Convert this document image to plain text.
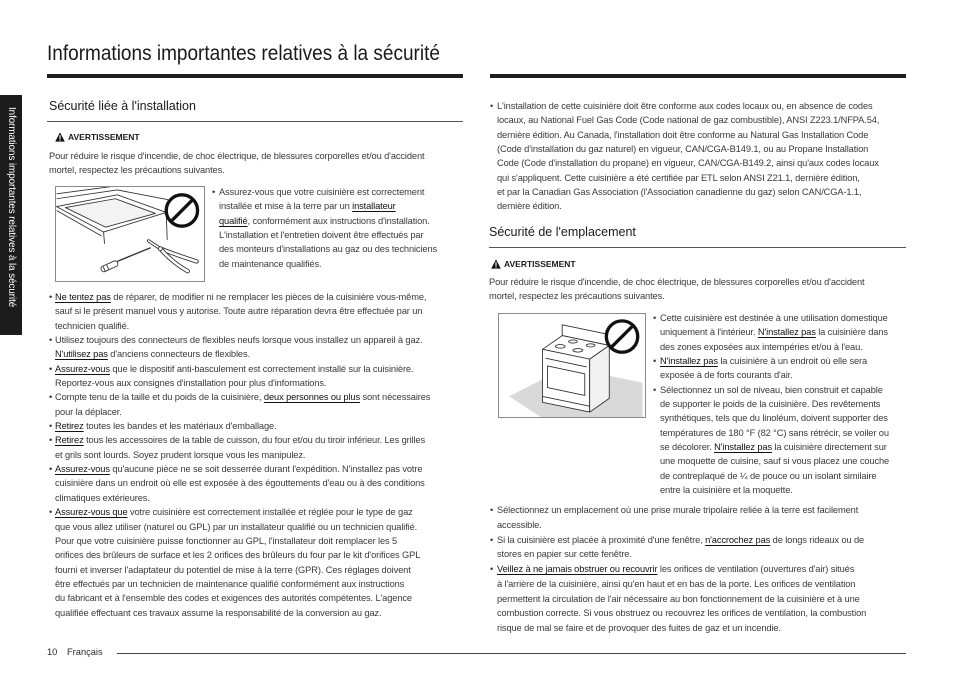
Informations importantes relatives à la sécurité
Informations importantes relatives à la sécurité
Sécurité liée à l'installation
AVERTISSEMENT
Pour réduire le risque d'incendie, de choc électrique, de blessures corporelles et/ou d'accident
mortel, respectez les précautions suivantes.
• Assurez-vous que votre cuisinière est correctement
installée et mise à la terre par un installateur
qualifié, conformément aux instructions d'installation.
L'installation et l'entretien doivent être effectués par
des monteurs d'installations au gaz ou des techniciens
de maintenance qualifiés.
• Ne tentez pas de réparer, de modifier ni ne remplacer les pièces de la cuisinière vous-même,
sauf si le présent manuel vous y autorise. Toute autre réparation devra être effectuée par un
technicien qualifié.
• Utilisez toujours des connecteurs de flexibles neufs lorsque vous installez un appareil à gaz.
N'utilisez pas d'anciens connecteurs de flexibles.
• Assurez-vous que le dispositif anti-basculement est correctement installé sur la cuisinière.
Reportez-vous aux consignes d'installation pour plus d'informations.
• Compte tenu de la taille et du poids de la cuisinière, deux personnes ou plus sont nécessaires
pour la déplacer.
• Retirez toutes les bandes et les matériaux d'emballage.
• Retirez tous les accessoires de la table de cuisson, du four et/ou du tiroir inférieur. Les grilles
et grils sont lourds. Soyez prudent lorsque vous les manipulez.
• Assurez-vous qu'aucune pièce ne se soit desserrée durant l'expédition. N'installez pas votre
cuisinière dans un endroit où elle est exposée à des égouttements d'eau ou à des conditions
climatiques extérieures.
• Assurez-vous que votre cuisinière est correctement installée et réglée pour le type de gaz
que vous allez utiliser (naturel ou GPL) par un installateur qualifié ou un technicien qualifié.
Pour que votre cuisinière puisse fonctionner au GPL, l'installateur doit remplacer les 5
orifices des brûleurs de surface et les 2 orifices des brûleurs du four par le kit d'orifices GPL
fourni et inverser l'adaptateur du potentiel de mise à la terre (GPR). Ces réglages doivent
être effectués par un technicien de maintenance qualifié conformément aux instructions
du fabricant et à l'ensemble des codes et exigences des autorités compétentes. L'agence
qualifiée effectuant ces travaux assume la responsabilité de la conversion au gaz.
• L'installation de cette cuisinière doit être conforme aux codes locaux ou, en absence de codes
locaux, au National Fuel Gas Code (Code national de gaz combustible), ANSI Z223.1/NFPA.54,
dernière édition. Au Canada, l'installation doit être conforme au Natural Gas Installation Code
(Code d'installation du gaz naturel) en vigueur, CAN/CGA-B149.1, ou au Propane Installation
Code (Code d'installation du propane) en vigueur, CAN/CGA-B149.2, ainsi qu'aux codes locaux
qui s'appliquent. Cette cuisinière a été certifiée par ETL selon ANSI Z21.1, dernière édition,
et par la Canadian Gas Association (l'Association canadienne du gaz) selon CAN/CGA-1.1,
dernière édition.
Sécurité de l'emplacement
AVERTISSEMENT
Pour réduire le risque d'incendie, de choc électrique, de blessures corporelles et/ou d'accident
mortel, respectez les précautions suivantes.
• Cette cuisinière est destinée à une utilisation domestique
uniquement à l'intérieur. N'installez pas la cuisinière dans
des zones exposées aux intempéries et/ou à l'eau.
• N'installez pas la cuisinière à un endroit où elle sera
exposée à de forts courants d'air.
• Sélectionnez un sol de niveau, bien construit et capable
de supporter le poids de la cuisinière. Des revêtements
synthétiques, tels que du linoléum, doivent supporter des
températures de 180 °F (82 °C) sans rétrécir, se voiler ou
se décolorer. N'installez pas la cuisinière directement sur
une moquette de cuisine, sauf si vous placez une couche
de contreplaqué de ¼ de pouce ou un isolant similaire
entre la cuisinière et la moquette.
• Sélectionnez un emplacement où une prise murale tripolaire reliée à la terre est facilement
accessible.
• Si la cuisinière est placée à proximité d'une fenêtre, n'accrochez pas de longs rideaux ou de
stores en papier sur cette fenêtre.
• Veillez à ne jamais obstruer ou recouvrir les orifices de ventilation (ouvertures d'air) situés
à l'arrière de la cuisinière, ainsi qu'en haut et en bas de la porte. Les orifices de ventilation
permettent la circulation de l'air nécessaire au bon fonctionnement de la cuisinière et à une
combustion correcte. Si vous obstruez ou recouvrez les orifices de ventilation, la combustion
risque de mal se faire et de provoquer des fuites de gaz et un incendie.
10 Français
